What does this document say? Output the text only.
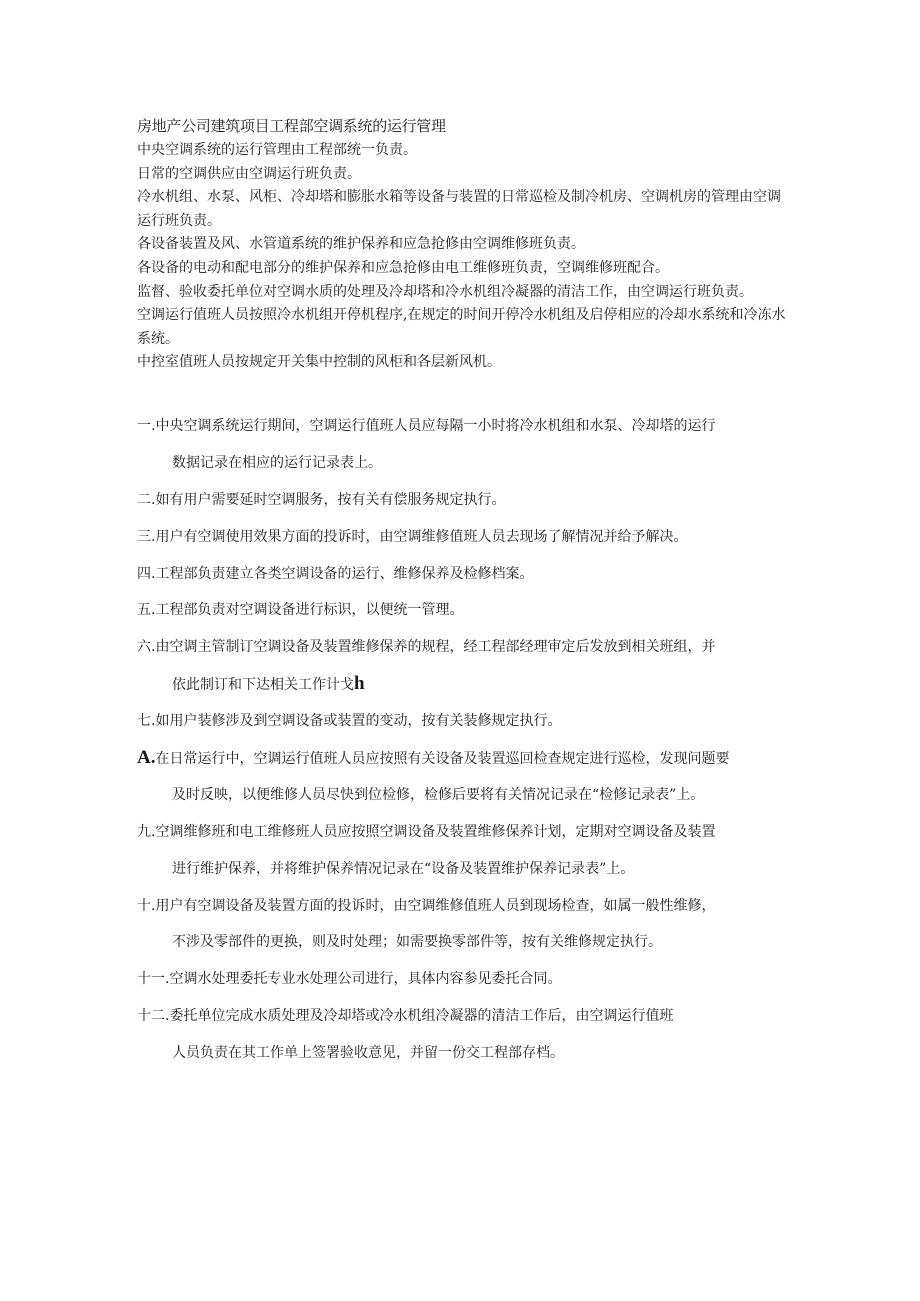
房地产公司建筑项目工程部空调系统的运行管理

中央空调系统的运行管理由工程部统一负责。

日常的空调供应由空调运行班负责。

冷水机组、水泵、风柜、冷却塔和膨胀水箱等设备与装置的日常巡检及制冷机房、空调机房的管理由空调运行班负责。

各设备装置及风、水管道系统的维护保养和应急抢修由空调维修班负责。

各设备的电动和配电部分的维护保养和应急抢修由电工维修班负责，空调维修班配合。

监督、验收委托单位对空调水质的处理及冷却塔和冷水机组冷凝器的清洁工作，由空调运行班负责。

空调运行值班人员按照冷水机组开停机程序,在规定的时间开停冷水机组及启停相应的冷却水系统和冷冻水系统。

中控室值班人员按规定开关集中控制的风柜和各层新风机。

一.中央空调系统运行期间，空调运行值班人员应每隔一小时将冷水机组和水泵、冷却塔的运行
数据记录在相应的运行记录表上。
二.如有用户需要延时空调服务，按有关有偿服务规定执行。
三.用户有空调使用效果方面的投诉时，由空调维修值班人员去现场了解情况并给予解决。
四.工程部负责建立各类空调设备的运行、维修保养及检修档案。
五.工程部负责对空调设备进行标识，以便统一管理。
六.由空调主管制订空调设备及装置维修保养的规程，经工程部经理审定后发放到相关班组，并
依此制订和下达相关工作计戈h
七.如用户装修涉及到空调设备或装置的变动，按有关装修规定执行。
A.在日常运行中，空调运行值班人员应按照有关设备及装置巡回检查规定进行巡检，发现问题要
及时反映，以便维修人员尽快到位检修，检修后要将有关情况记录在“检修记录表”上。
九.空调维修班和电工维修班人员应按照空调设备及装置维修保养计划，定期对空调设备及装置
进行维护保养，并将维护保养情况记录在“设备及装置维护保养记录表”上。
十.用户有空调设备及装置方面的投诉时，由空调维修值班人员到现场检查，如属一般性维修，
不涉及零部件的更换，则及时处理；如需要换零部件等，按有关维修规定执行。
十一.空调水处理委托专业水处理公司进行，具体内容参见委托合同。
十二.委托单位完成水质处理及冷却塔或冷水机组冷凝器的清洁工作后，由空调运行值班
人员负责在其工作单上签署验收意见，并留一份交工程部存档。
